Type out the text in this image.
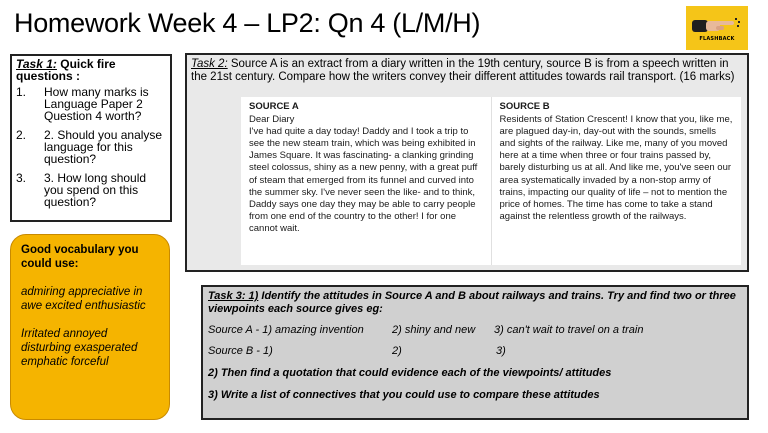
Homework Week 4 – LP2: Qn 4 (L/M/H)
FLASHBACK
Task 1: Quick fire questions :
1.	How many marks is Language Paper 2 Question 4 worth?
2.	2. Should you analyse language for this question?
3.	3. How long should you spend on this question?
Good vocabulary you could use:
admiring appreciative in awe excited enthusiastic
Irritated annoyed disturbing exasperated emphatic forceful
Task 2: Source A is an extract from a diary written in the 19th century, source B is from a speech written in the 21st century. Compare how the writers convey their different attitudes towards rail transport. (16 marks)
SOURCE A
Dear Diary
I've had quite a day today! Daddy and I took a trip to see the new steam train, which was being exhibited in James Square. It was fascinating- a clanking grinding steel colossus, shiny as a new penny, with a great puff of steam that emerged from its funnel and curved into the summer sky. I've never seen the like- and to think, Daddy says one day they may be able to carry people from one end of the country to the other! I for one cannot wait.
SOURCE B
Residents of Station Crescent! I know that you, like me, are plagued day-in, day-out with the sounds, smells and sights of the railway. Like me, many of you moved here at a time when three or four trains passed by, barely disturbing us at all. And like me, you've seen our area systematically invaded by a non-stop army of trains, impacting our quality of life – not to mention the price of homes. The time has come to take a stand against the relentless growth of the railways.
Task 3: 1) Identify the attitudes in Source A and B about railways and trains. Try and find two or three viewpoints each source gives eg:
Source A - 1) amazing invention	2) shiny and new 3) can't wait to travel on a train
Source B - 1)	2)	3)
2) Then find a quotation that could evidence each of the viewpoints/ attitudes
3) Write a list of connectives that you could use to compare these attitudes
